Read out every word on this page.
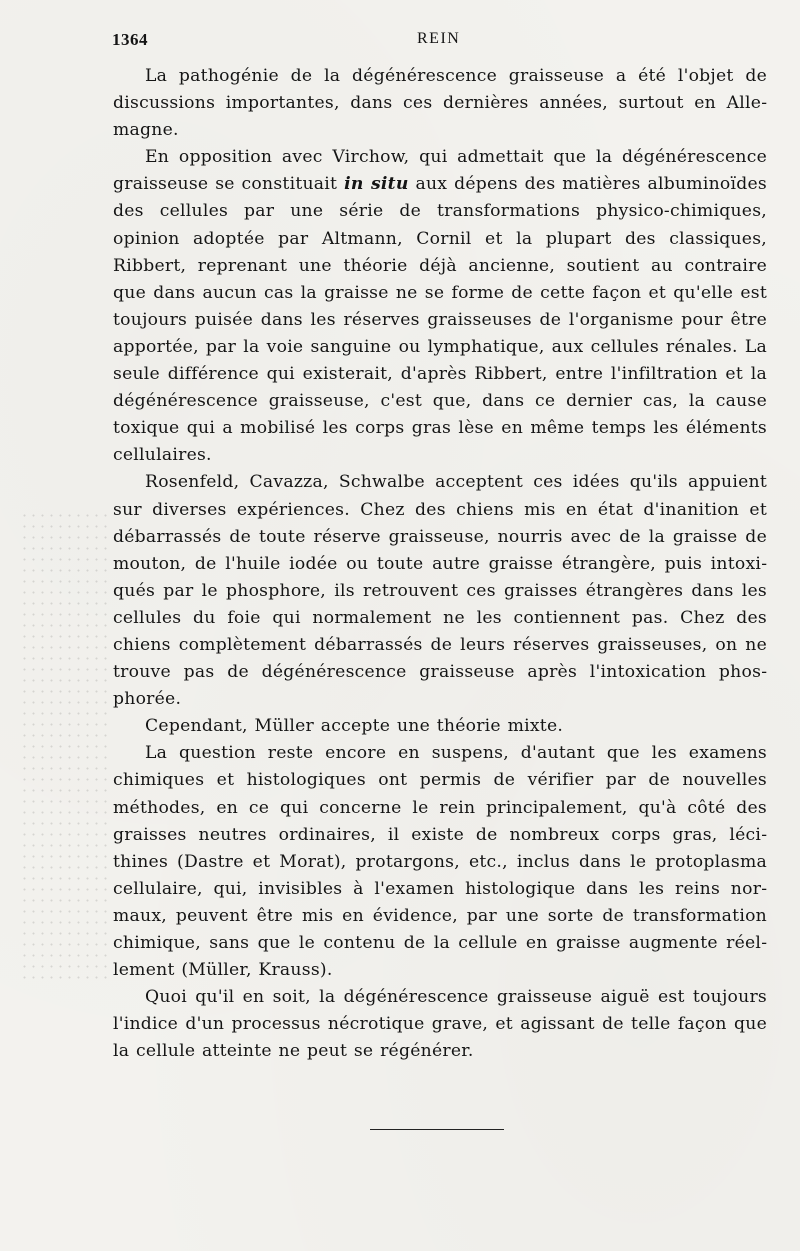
1364	REIN

La pathogénie de la dégénérescence graisseuse a été l'objet de discussions importantes, dans ces dernières années, surtout en Allemagne.

En opposition avec Virchow, qui admettait que la dégénérescence graisseuse se constituait in situ aux dépens des matières albuminoïdes des cellules par une série de transformations physico-chimiques, opinion adoptée par Altmann, Cornil et la plupart des classiques, Ribbert, reprenant une théorie déjà ancienne, soutient au contraire que dans aucun cas la graisse ne se forme de cette façon et qu'elle est toujours puisée dans les réserves graisseuses de l'organisme pour être apportée, par la voie sanguine ou lymphatique, aux cellules rénales. La seule différence qui existerait, d'après Ribbert, entre l'infiltration et la dégénérescence graisseuse, c'est que, dans ce dernier cas, la cause toxique qui a mobilisé les corps gras lèse en même temps les éléments cellulaires.

Rosenfeld, Cavazza, Schwalbe acceptent ces idées qu'ils appuient sur diverses expériences. Chez des chiens mis en état d'inanition et débarrassés de toute réserve graisseuse, nourris avec de la graisse de mouton, de l'huile iodée ou toute autre graisse étrangère, puis intoxiqués par le phosphore, ils retrouvent ces graisses étrangères dans les cellules du foie qui normalement ne les contiennent pas. Chez des chiens complètement débarrassés de leurs réserves graisseuses, on ne trouve pas de dégénérescence graisseuse après l'intoxication phosphorée.

Cependant, Müller accepte une théorie mixte.

La question reste encore en suspens, d'autant que les examens chimiques et histologiques ont permis de vérifier par de nouvelles méthodes, en ce qui concerne le rein principalement, qu'à côté des graisses neutres ordinaires, il existe de nombreux corps gras, lécithines (Dastre et Morat), protargons, etc., inclus dans le protoplasma cellulaire, qui, invisibles à l'examen histologique dans les reins normaux, peuvent être mis en évidence, par une sorte de transformation chimique, sans que le contenu de la cellule en graisse augmente réellement (Müller, Krauss).

Quoi qu'il en soit, la dégénérescence graisseuse aiguë est toujours l'indice d'un processus nécrotique grave, et agissant de telle façon que la cellule atteinte ne peut se régénérer.
